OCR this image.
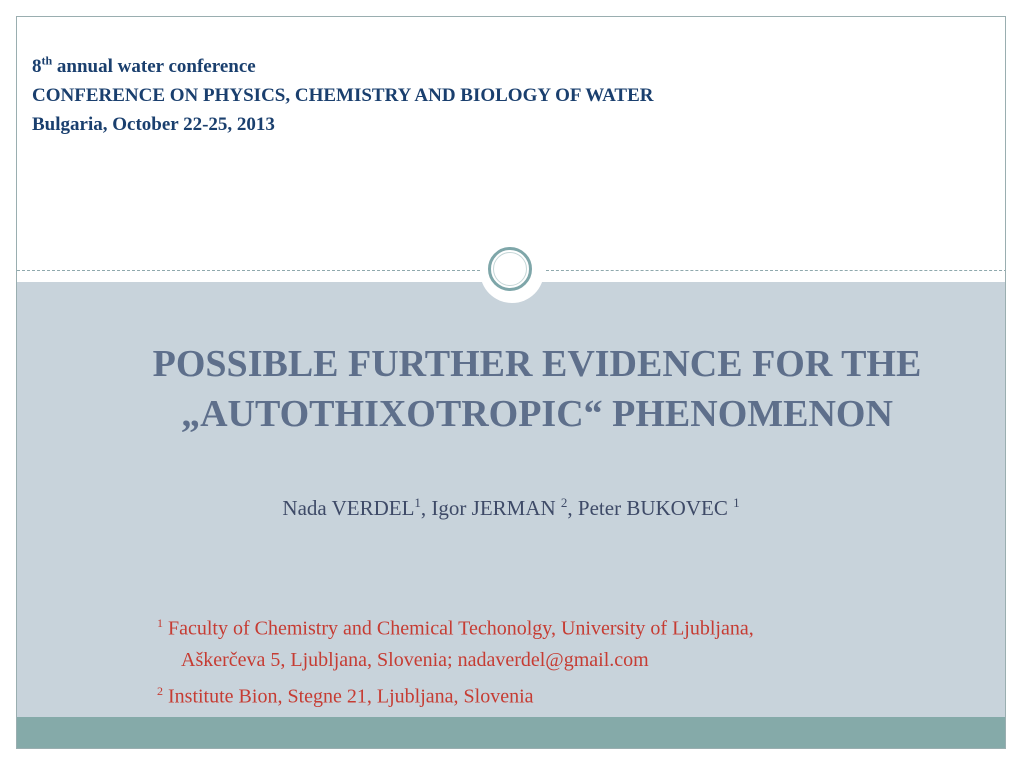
8th annual water conference
CONFERENCE ON PHYSICS, CHEMISTRY AND BIOLOGY OF WATER
Bulgaria, October 22-25, 2013
POSSIBLE FURTHER EVIDENCE FOR THE
„AUTOTHIXOTROPIC“ PHENOMENON
Nada VERDEL$^1$, Igor JERMAN $^2$, Peter BUKOVEC $^1$
$^1$ Faculty of Chemistry and Chemical Techonolgy, University of Ljubljana,
Aškerčeva 5, Ljubljana, Slovenia; nadaverdel@gmail.com
$^2$ Institute Bion, Stegne 21, Ljubljana, Slovenia
